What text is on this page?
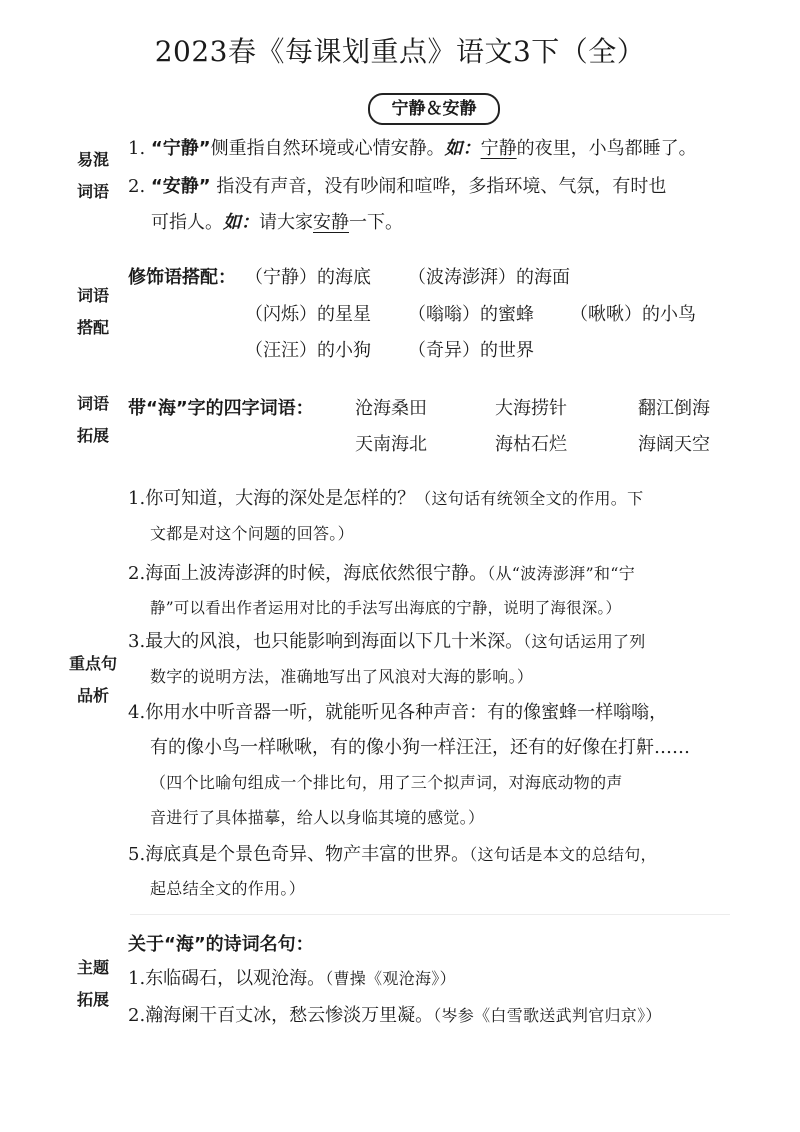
2023春《每课划重点》语文3下（全）
宁静＆安静
易混
词语
1. “宁静”侧重指自然环境或心情安静。如：宁静的夜里，小鸟都睡了。
2. “安静” 指没有声音，没有吵闹和喧哗，多指环境、气氛，有时也
可指人。如：请大家安静一下。
词语
搭配
修饰语搭配： （宁静）的海底 （波涛澎湃）的海面
（闪烁）的星星 （嗡嗡）的蜜蜂 （啾啾）的小鸟
（汪汪）的小狗 （奇异）的世界
词语
拓展
带“海”字的四字词语： 沧海桑田	大海捞针	翻江倒海
天南海北	海枯石烂	海阔天空
重点句
品析
1.你可知道，大海的深处是怎样的？（这句话有统领全文的作用。下
文都是对这个问题的回答。）
2.海面上波涛澎湃的时候，海底依然很宁静。（从“波涛澎湃”和“宁
静”可以看出作者运用对比的手法写出海底的宁静，说明了海很深。）
3.最大的风浪，也只能影响到海面以下几十米深。（这句话运用了列
数字的说明方法，准确地写出了风浪对大海的影响。）
4.你用水中听音器一听，就能听见各种声音：有的像蜜蜂一样嗡嗡，
有的像小鸟一样啾啾，有的像小狗一样汪汪，还有的好像在打鼾……
（四个比喻句组成一个排比句，用了三个拟声词，对海底动物的声
音进行了具体描摹，给人以身临其境的感觉。）
5.海底真是个景色奇异、物产丰富的世界。（这句话是本文的总结句，
起总结全文的作用。）
主题
拓展
关于“海”的诗词名句：
1.东临碣石，以观沧海。（曹操《观沧海》）
2.瀚海阑干百丈冰，愁云惨淡万里凝。（岑参《白雪歌送武判官归京》）
